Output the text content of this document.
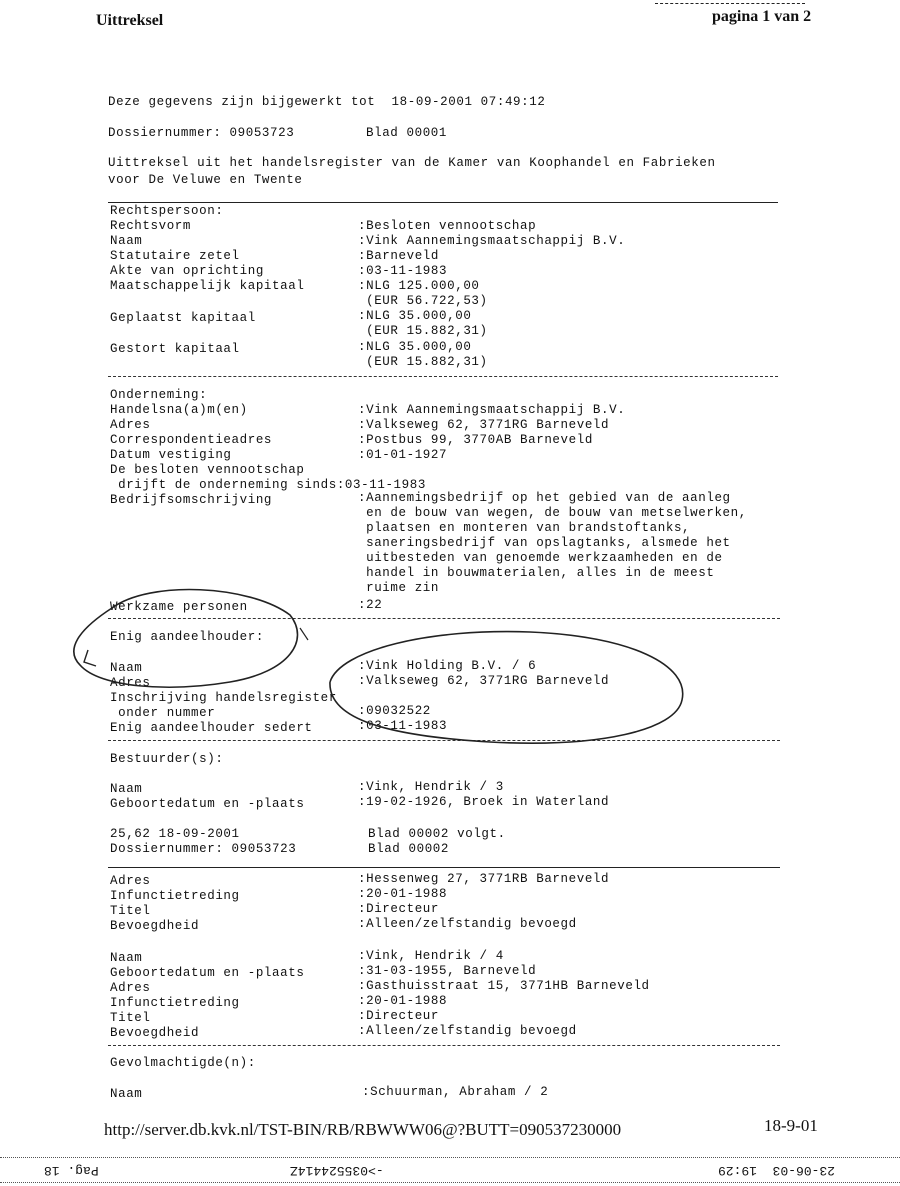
Uittreksel	pagina 1 van 2
Deze gegevens zijn bijgewerkt tot  18-09-2001 07:49:12
Dossiernummer: 09053723	Blad 00001
Uittreksel uit het handelsregister van de Kamer van Koophandel en Fabrieken
voor De Veluwe en Twente
Rechtspersoon:
Rechtsvorm	:Besloten vennootschap
Naam	:Vink Aannemingsmaatschappij B.V.
Statutaire zetel	:Barneveld
Akte van oprichting	:03-11-1983
Maatschappelijk kapitaal	:NLG 125.000,00
(EUR 56.722,53)
Geplaatst kapitaal	:NLG 35.000,00
(EUR 15.882,31)
Gestort kapitaal	:NLG 35.000,00
(EUR 15.882,31)
Onderneming:
Handelsna(a)m(en)	:Vink Aannemingsmaatschappij B.V.
Adres	:Valkseweg 62, 3771RG Barneveld
Correspondentieadres	:Postbus 99, 3770AB Barneveld
Datum vestiging	:01-01-1927
De besloten vennootschap
drijft de onderneming sinds:03-11-1983
Bedrijfsomschrijving	:Aannemingsbedrijf op het gebied van de aanleg
en de bouw van wegen, de bouw van metselwerken,
plaatsen en monteren van brandstoftanks,
saneringsbedrijf van opslagtanks, alsmede het
uitbesteden van genoemde werkzaamheden en de
handel in bouwmaterialen, alles in de meest
ruime zin
Werkzame personen	:22
Enig aandeelhouder:
Naam	:Vink Holding B.V. / 6
Adres	:Valkseweg 62, 3771RG Barneveld
Inschrijving handelsregister
onder nummer	:09032522
Enig aandeelhouder sedert	:03-11-1983
Bestuurder(s):
Naam	:Vink, Hendrik / 3
Geboortedatum en -plaats	:19-02-1926, Broek in Waterland
25,62 18-09-2001	Blad 00002 volgt.
Dossiernummer: 09053723	Blad 00002
Adres	:Hessenweg 27, 3771RB Barneveld
Infunctietreding	:20-01-1988
Titel	:Directeur
Bevoegdheid	:Alleen/zelfstandig bevoegd
Naam	:Vink, Hendrik / 4
Geboortedatum en -plaats	:31-03-1955, Barneveld
Adres	:Gasthuisstraat 15, 3771HB Barneveld
Infunctietreding	:20-01-1988
Titel	:Directeur
Bevoegdheid	:Alleen/zelfstandig bevoegd
Gevolmachtigde(n):
Naam	:Schuurman, Abraham / 2
http://server.db.kvk.nl/TST-BIN/RB/RBWWW06@?BUTT=090537230000	18-9-01
Pag. 18	->035524414Z	23-06-03  19:29
